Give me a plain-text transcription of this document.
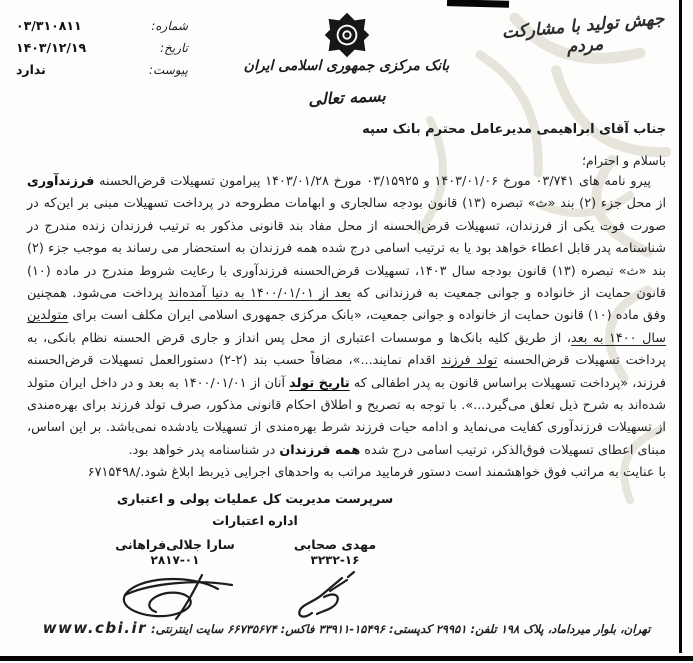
جهش تولید با مشارکت مردم
بانک مرکزی جمهوری اسلامی ایران
بسمه تعالی
شماره:
۰۳/۳۱۰۸۱۱
تاریخ:
۱۴۰۳/۱۲/۱۹
پیوست:
ندارد
جناب آقای ابراهیمی مدیرعامل محترم بانک سپه
باسلام و احترام؛

پیرو نامه های ۰۳/۷۴۱ مورخ ۱۴۰۳/۰۱/۰۶ و ۰۳/۱۵۹۲۵ مورخ ۱۴۰۳/۰۱/۲۸ پیرامون تسهیلات قرض‌الحسنه فرزندآوری از محل جزء (۲) بند «ث» تبصره (۱۳) قانون بودجه سالجاری و ابهامات مطروحه در پرداخت تسهیلات مبنی بر این‌که در صورت فوت یکی از فرزندان، تسهیلات قرض‌الحسنه از محل مفاد بند قانونی مذکور به ترتیب فرزندان زنده مندرج در شناسنامه پدر قابل اعطاء خواهد بود یا به ترتیب اسامی درج شده همه فرزندان به استحضار می رساند به موجب جزء (۲) بند «ث» تبصره (۱۳) قانون بودجه سال ۱۴۰۳، تسهیلات قرض‌الحسنه فرزندآوری با رعایت شروط مندرج در ماده (۱۰) قانون حمایت از خانواده و جوانی جمعیت به فرزندانی که بعد از ۱۴۰۰/۰۱/۰۱ به دنیا آمده‌اند پرداخت می‌شود. همچنین وفق ماده (۱۰) قانون حمایت از خانواده و جوانی جمعیت، «بانک مرکزی جمهوری اسلامی ایران مکلف است برای متولدین سال ۱۴۰۰ به بعد، از طریق کلیه بانک‌ها و موسسات اعتباری از محل پس انداز و جاری قرض الحسنه نظام بانکی، به پرداخت تسهیلات قرض‌الحسنه تولد فرزند اقدام نمایند...»، مضافاً حسب بند (۲-۲) دستورالعمل تسهیلات قرض‌الحسنه فرزند، «پرداخت تسهیلات براساس قانون به پدر اطفالی که تاریخ تولد آنان از ۱۴۰۰/۰۱/۰۱ به بعد و در داخل ایران متولد شده‌اند به شرح ذیل تعلق می‌گیرد...». با توجه به تصریح و اطلاق احکام قانونی مذکور، صرف تولد فرزند برای بهره‌مندی از تسهیلات فرزندآوری کفایت می‌نماید و ادامه حیات فرزند شرط بهره‌مندی از تسهیلات یادشده نمی‌باشد. بر این اساس، مبنای اعطای تسهیلات فوق‌الذکر، ترتیب اسامی درج شده همه فرزندان در شناسنامه پدر خواهد بود.

با عنایت به مراتب فوق خواهشمند است دستور فرمایید مراتب به واحدهای اجرایی ذیربط ابلاغ شود./۶۷۱۵۴۹۸

سرپرست مدیریت کل عملیات پولی و اعتباری
اداره اعتبارات
مهدی صحابی
۳۲۳۲-۱۶
سارا جلالی‌فراهانی
۲۸۱۷-۰۱
تهران، بلوار میرداماد، پلاک ۱۹۸ تلفن: ۲۹۹۵۱ کدپستی: ۱۵۴۹۶-۳۳۹۱۱ فاکس: ۶۶۷۳۵۶۷۴ سایت اینترنتی: www.cbi.ir
